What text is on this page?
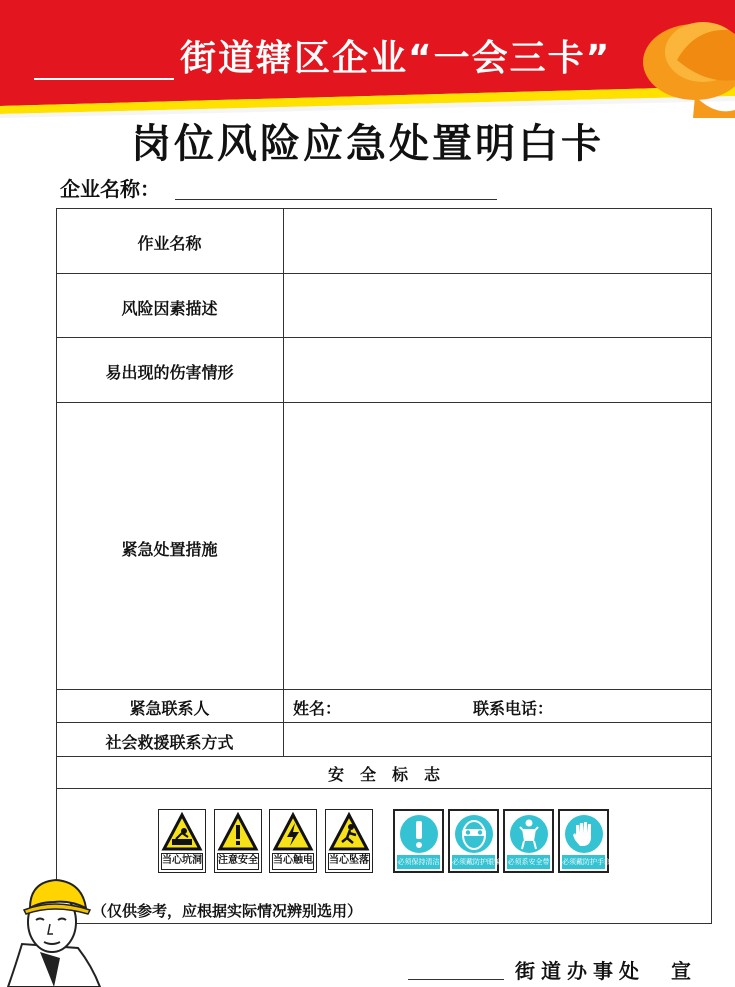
街道辖区企业“一会三卡”
岗位风险应急处置明白卡
企业名称：
作业名称
风险因素描述
易出现的伤害情形
紧急处置措施
紧急联系人
社会救援联系方式
姓名：	联系电话：
安　全　标　志
当心坑洞 注意安全 当心触电 当心坠落	必须保持清洁 必须戴防护眼镜 必须系安全带 必须戴防护手套
（仅供参考，应根据实际情况辨别选用）
街道办事处 宣
